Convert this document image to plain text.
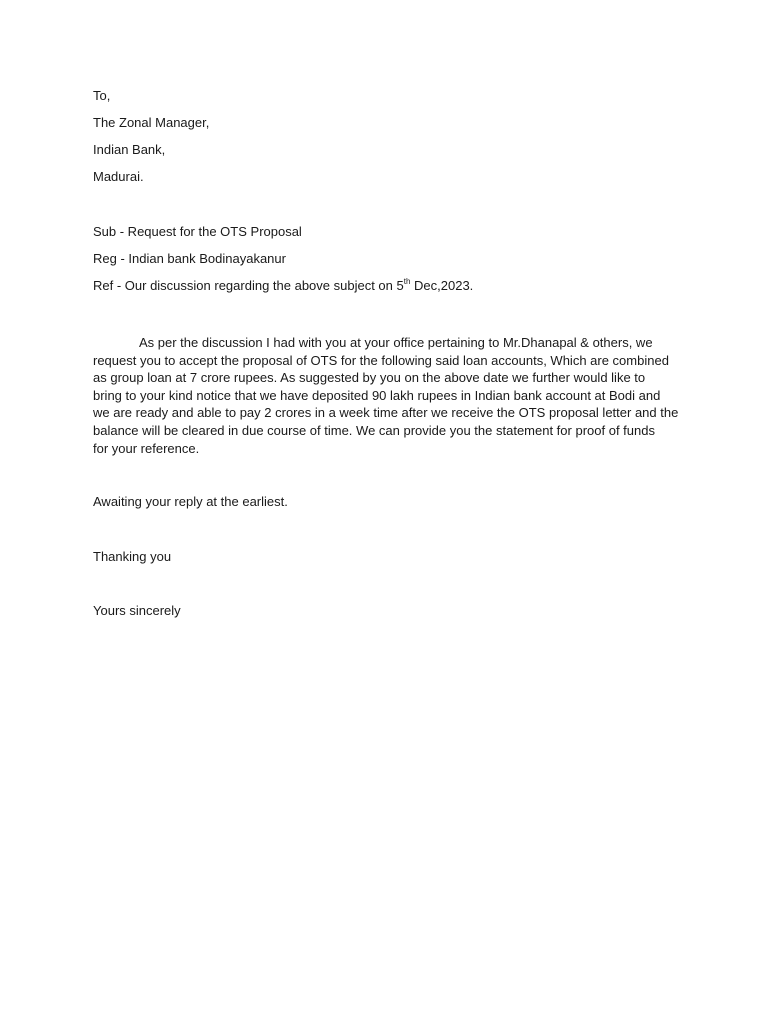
To,
The Zonal Manager,
Indian Bank,
Madurai.
Sub - Request for the OTS Proposal
Reg - Indian bank Bodinayakanur
Ref - Our discussion regarding the above subject on 5th Dec,2023.
As per the discussion I had with you at your office pertaining to Mr.Dhanapal & others, we
request you to accept the proposal of OTS for the following said loan accounts, Which are combined
as group loan at 7 crore rupees. As suggested by you on the above date we further would like to
bring to your kind notice that we have deposited 90 lakh rupees in Indian bank account at Bodi and
we are ready and able to pay 2 crores in a week time after we receive the OTS proposal letter and the
balance will be cleared in due course of time. We can provide you the statement for proof of funds
for your reference.
Awaiting your reply at the earliest.
Thanking you
Yours sincerely
